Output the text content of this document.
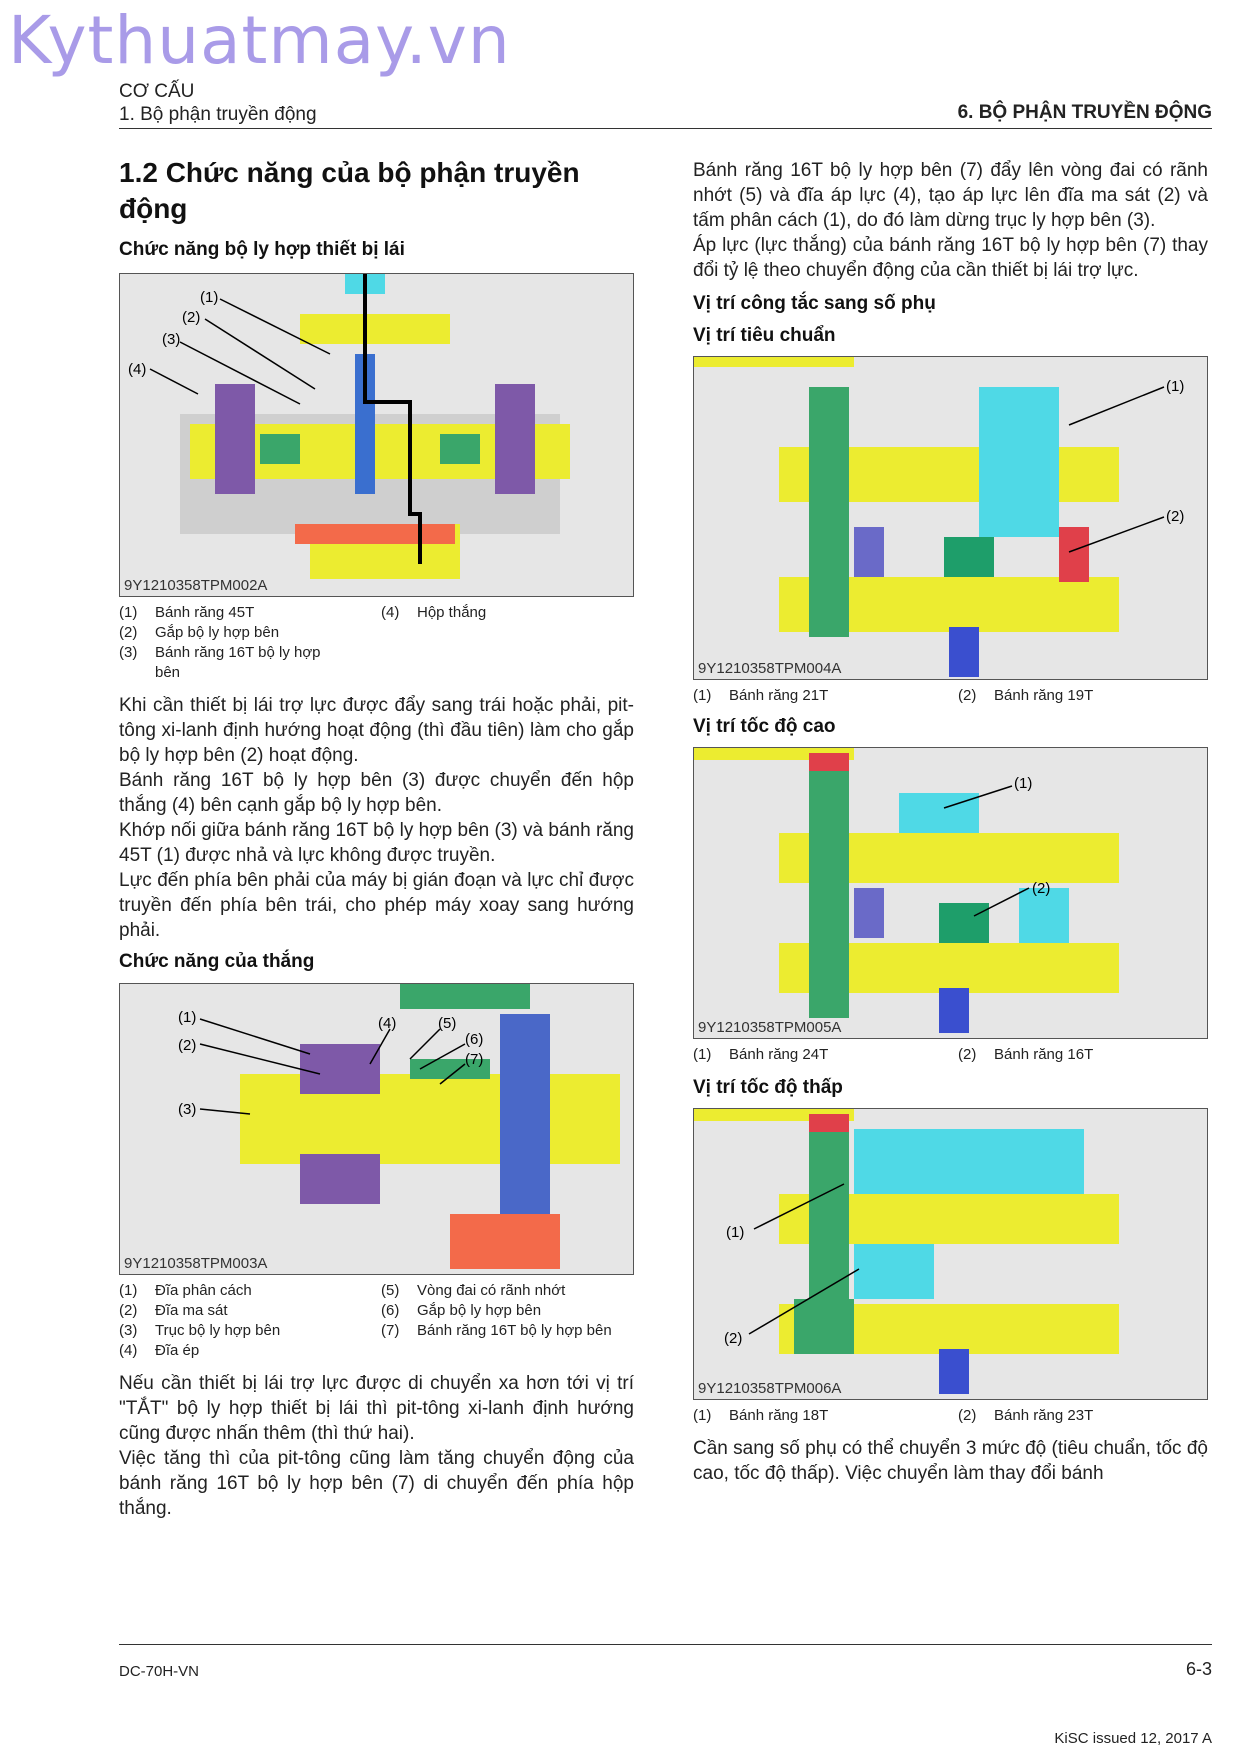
Kythuatmay.vn
CƠ CẤU
1. Bộ phận truyền động	6. BỘ PHẬN TRUYỀN ĐỘNG
1.2 Chức năng của bộ phận truyền động
Chức năng bộ ly hợp thiết bị lái
(1)
(2)
(3)
(4)
9Y1210358TPM002A
(1)	Bánh răng 45T	(4)	Hộp thắng
(2)	Gắp bộ ly hợp bên
(3)	Bánh răng 16T bộ ly hợp bên

Khi cần thiết bị lái trợ lực được đẩy sang trái hoặc phải, pit-tông xi-lanh định hướng hoạt động (thì đầu tiên) làm cho gắp bộ ly hợp bên (2) hoạt động.

Bánh răng 16T bộ ly hợp bên (3) được chuyển đến hộp thắng (4) bên cạnh gắp bộ ly hợp bên.

Khớp nối giữa bánh răng 16T bộ ly hợp bên (3) và bánh răng 45T (1) được nhả và lực không được truyền.

Lực đến phía bên phải của máy bị gián đoạn và lực chỉ được truyền đến phía bên trái, cho phép máy xoay sang hướng phải.

Chức năng của thắng
(1)
(2)
(3)
(4)	(5)
(6)
(7)
9Y1210358TPM003A
(1)	Đĩa phân cách	(5)	Vòng đai có rãnh nhớt
(2)	Đĩa ma sát	(6)	Gắp bộ ly hợp bên
(3)	Trục bộ ly hợp bên	(7)	Bánh răng 16T bộ ly hợp bên
(4)	Đĩa ép

Nếu cần thiết bị lái trợ lực được di chuyển xa hơn tới vị trí "TẮT" bộ ly hợp thiết bị lái thì pit-tông xi-lanh định hướng cũng được nhấn thêm (thì thứ hai).

Việc tăng thì của pit-tông cũng làm tăng chuyển động của bánh răng 16T bộ ly hợp bên (7) di chuyển đến phía hộp thắng.

Bánh răng 16T bộ ly hợp bên (7) đẩy lên vòng đai có rãnh nhớt (5) và đĩa áp lực (4), tạo áp lực lên đĩa ma sát (2) và tấm phân cách (1), do đó làm dừng trục ly hợp bên (3).

Áp lực (lực thắng) của bánh răng 16T bộ ly hợp bên (7) thay đổi tỷ lệ theo chuyển động của cần thiết bị lái trợ lực.

Vị trí công tắc sang số phụ
Vị trí tiêu chuẩn
(1)
(2)
9Y1210358TPM004A
(1)	Bánh răng 21T	(2)	Bánh răng 19T
Vị trí tốc độ cao
(1)
(2)
9Y1210358TPM005A
(1)	Bánh răng 24T	(2)	Bánh răng 16T
Vị trí tốc độ thấp
(1)
(2)
9Y1210358TPM006A
(1)	Bánh răng 18T	(2)	Bánh răng 23T

Cần sang số phụ có thể chuyển 3 mức độ (tiêu chuẩn, tốc độ cao, tốc độ thấp). Việc chuyển làm thay đổi bánh

DC-70H-VN	6-3
KiSC issued 12, 2017 A
